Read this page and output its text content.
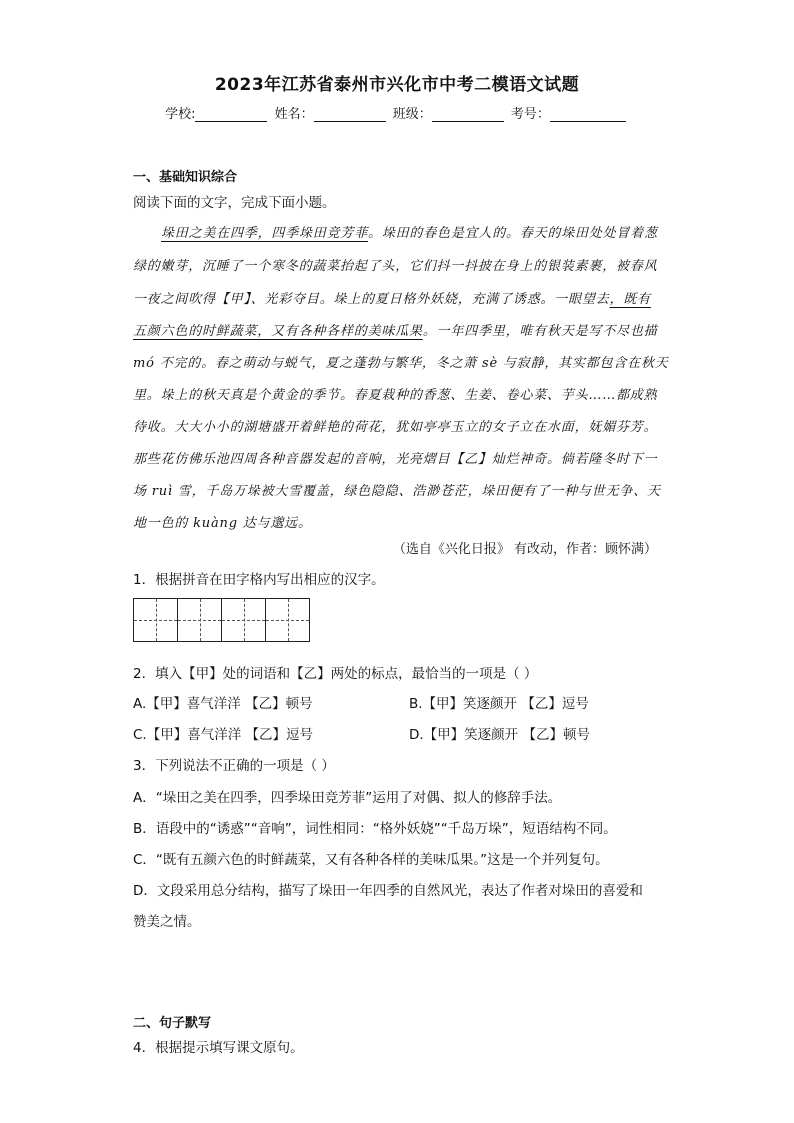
2023年江苏省泰州市兴化市中考二模语文试题
学校:	姓名：	班级：	考号：
一、基础知识综合
阅读下面的文字，完成下面小题。
垛田之美在四季，四季垛田竞芳菲。垛田的春色是宜人的。春天的垛田处处冒着葱
绿的嫩芽，沉睡了一个寒冬的蔬菜抬起了头，它们抖一抖披在身上的银装素裹，被春风
一夜之间吹得【甲】、光彩夺目。垛上的夏日格外妖娆，充满了诱惑。一眼望去，既有
五颜六色的时鲜蔬菜，又有各种各样的美味瓜果。一年四季里，唯有秋天是写不尽也描
mó 不完的。春之萌动与蜕气，夏之蓬勃与繁华，冬之萧 sè 与寂静，其实都包含在秋天
里。垛上的秋天真是个黄金的季节。春夏栽种的香葱、生姜、卷心菜、芋头……都成熟
待收。大大小小的湖塘盛开着鲜艳的荷花，犹如亭亭玉立的女子立在水面，妩媚芬芳。
那些花仿佛乐池四周各种音器发起的音响，光亮熠目【乙】灿烂神奇。倘若隆冬时下一
场 ruì 雪，千岛万垛被大雪覆盖，绿色隐隐、浩渺苍茫，垛田便有了一种与世无争、天
地一色的 kuàng 达与邈远。
（选自《兴化日报》 有改动，作者：顾怀满）
1．根据拼音在田字格内写出相应的汉字。
2．填入【甲】处的词语和【乙】两处的标点，最恰当的一项是（ ）
A.【甲】喜气洋洋 【乙】顿号	B.【甲】笑逐颜开 【乙】逗号
C.【甲】喜气洋洋 【乙】逗号	D.【甲】笑逐颜开 【乙】顿号
3．下列说法不正确的一项是（ ）
A．“垛田之美在四季，四季垛田竞芳菲”运用了对偶、拟人的修辞手法。
B．语段中的“诱惑”“音响”，词性相同：“格外妖娆”“千岛万垛”，短语结构不同。
C．“既有五颜六色的时鲜蔬菜，又有各种各样的美味瓜果。”这是一个并列复句。
D．文段采用总分结构，描写了垛田一年四季的自然风光，表达了作者对垛田的喜爱和
赞美之情。
二、句子默写
4．根据提示填写课文原句。
